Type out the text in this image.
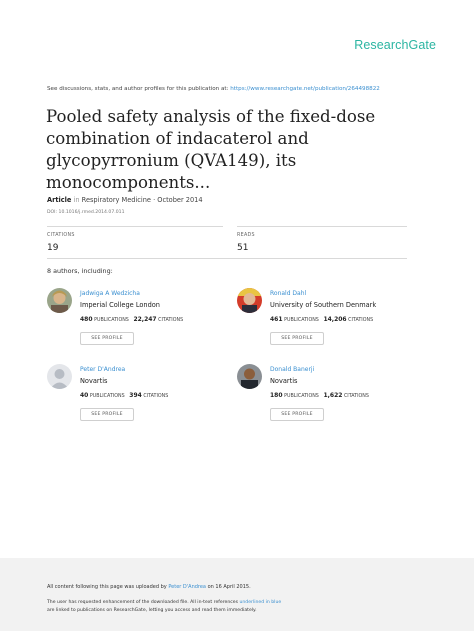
ResearchGate
See discussions, stats, and author profiles for this publication at: https://www.researchgate.net/publication/264498822
Pooled safety analysis of the fixed-dose combination of indacaterol and glycopyrronium (QVA149), its monocomponents...
Article in Respiratory Medicine · October 2014
DOI: 10.1016/j.rmed.2014.07.011
CITATIONS
19
READS
51
8 authors, including:
Jadwiga A Wedzicha
Imperial College London
480 PUBLICATIONS 22,247 CITATIONS
SEE PROFILE
Ronald Dahl
University of Southern Denmark
461 PUBLICATIONS 14,206 CITATIONS
SEE PROFILE
Peter D'Andrea
Novartis
40 PUBLICATIONS 394 CITATIONS
SEE PROFILE
Donald Banerji
Novartis
180 PUBLICATIONS 1,622 CITATIONS
SEE PROFILE
All content following this page was uploaded by Peter D'Andrea on 16 April 2015.
The user has requested enhancement of the downloaded file. All in-text references underlined in blue
are linked to publications on ResearchGate, letting you access and read them immediately.
